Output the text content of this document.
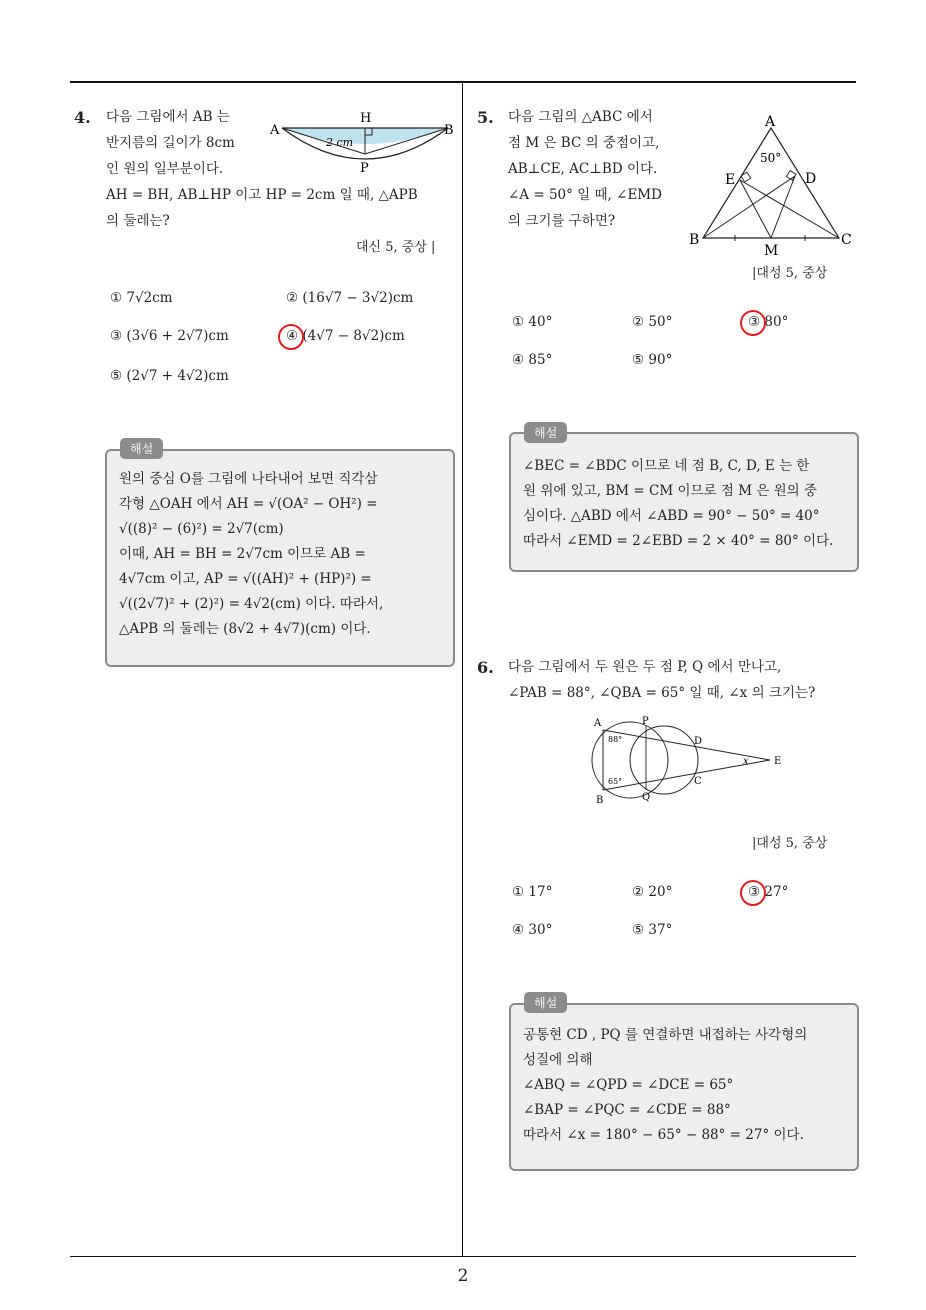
4. 다음 그림에서 AB 는

반지름의 길이가 8cm

인 원의 일부분이다.

AH = BH, AB⊥HP 이고 HP = 2cm 일 때, △APB

의 둘레는?

A	B
H
P
2 cm
대신 5, 중상 |
① 7√2cm	② (16√7 − 3√2)cm
③ (3√6 + 2√7)cm	④ (4√7 − 8√2)cm
⑤ (2√7 + 4√2)cm

원의 중심 O를 그림에 나타내어 보면 직각삼

각형 △OAH 에서 AH = √(OA² − OH²) =

√((8)² − (6)²) = 2√7(cm)

이때, AH = BH = 2√7cm 이므로 AB =

4√7cm 이고, AP = √((AH)² + (HP)²) =

√((2√7)² + (2)²) = 4√2(cm) 이다. 따라서,

△APB 의 둘레는 (8√2 + 4√7)(cm) 이다.

해설
5. 다음 그림의 △ABC 에서

점 M 은 BC 의 중점이고,

AB⊥CE, AC⊥BD 이다.

∠A = 50° 일 때, ∠EMD

의 크기를 구하면?

A
B	C
D
E
M
50°
|대성 5, 중상
① 40°	② 50°	③ 80°
④ 85°	⑤ 90°

∠BEC = ∠BDC 이므로 네 점 B, C, D, E 는 한

원 위에 있고, BM = CM 이므로 점 M 은 원의 중

심이다. △ABD 에서 ∠ABD = 90° − 50° = 40°

따라서 ∠EMD = 2∠EBD = 2 × 40° = 80° 이다.

해설
6. 다음 그림에서 두 원은 두 점 P, Q 에서 만나고,

∠PAB = 88°, ∠QBA = 65° 일 때, ∠x 의 크기는?

A
B
P
Q
D
C
E
x
88°
65°
|대성 5, 중상
① 17°	② 20°	③ 27°
④ 30°	⑤ 37°

공통현 CD , PQ 를 연결하면 내접하는 사각형의

성질에 의해

∠ABQ = ∠QPD = ∠DCE = 65°

∠BAP = ∠PQC = ∠CDE = 88°

따라서 ∠x = 180° − 65° − 88° = 27° 이다.

해설
2
